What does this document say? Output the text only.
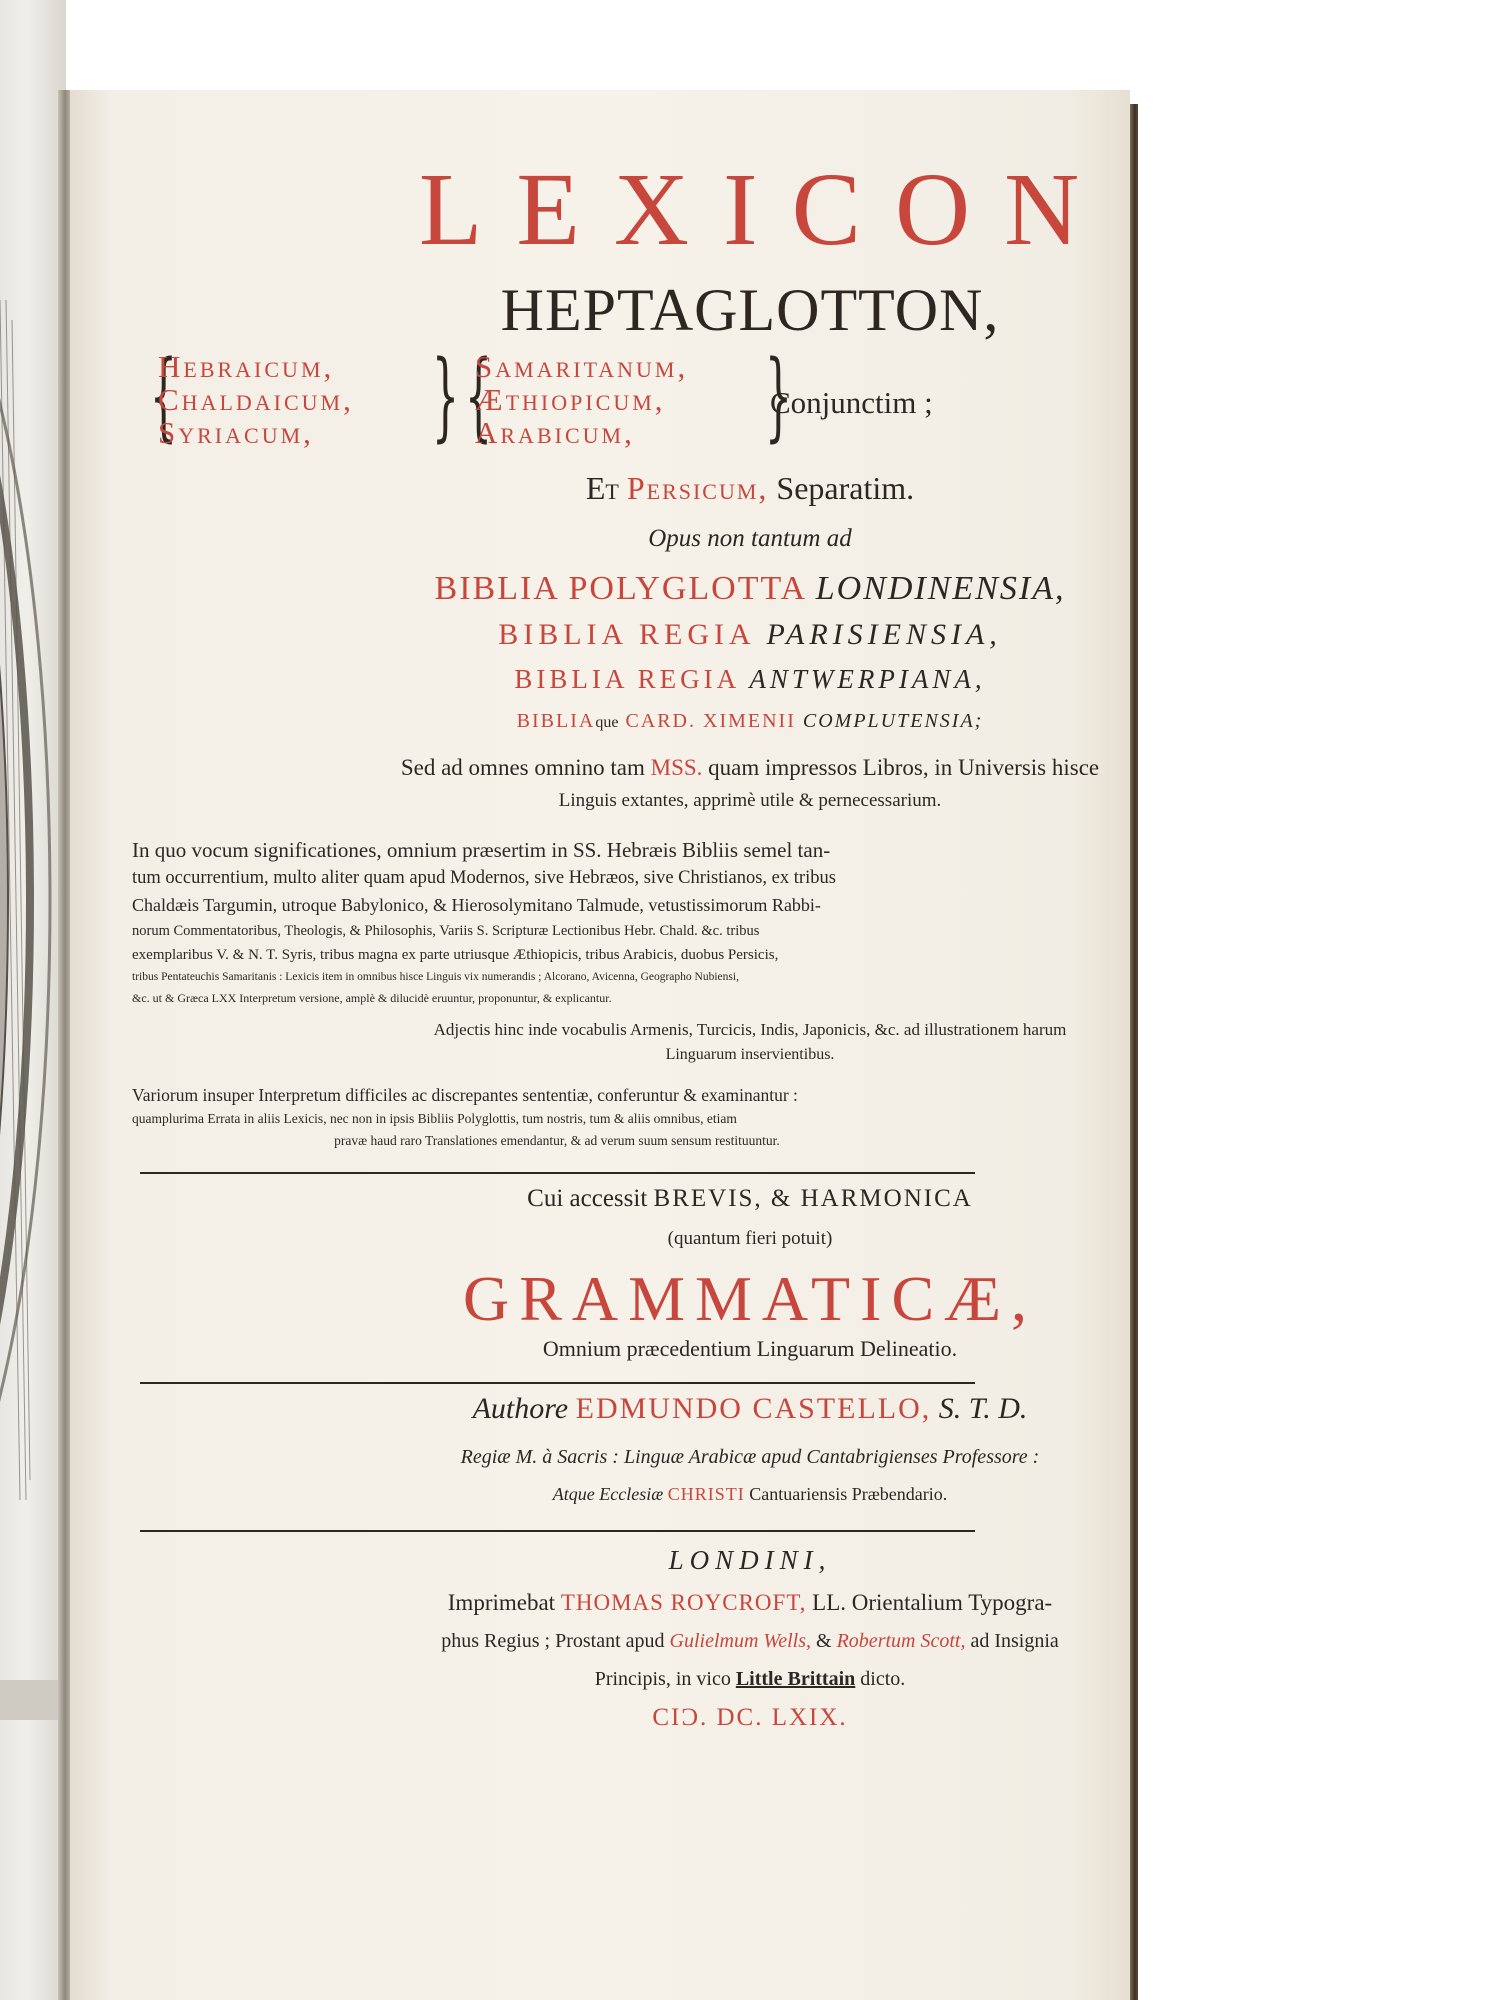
LEXICON
HEPTAGLOTTON,
{
Hebraicum,
Chaldaicum,
Syriacum,	} {
Samaritanum,
Æthiopicum,
Arabicum,	}
Conjunctim ;
Et Persicum, Separatim.
Opus non tantum ad
BIBLIA POLYGLOTTA LONDINENSIA,
BIBLIA REGIA PARISIENSIA,
BIBLIA REGIA ANTWERPIANA,
BIBLIAque CARD. XIMENII COMPLUTENSIA;
Sed ad omnes omnino tam MSS. quam impressos Libros, in Universis hisce
Linguis extantes, apprimè utile & pernecessarium.
In quo vocum significationes, omnium præsertim in SS. Hebræis Bibliis semel tan-
tum occurrentium, multo aliter quam apud Modernos, sive Hebræos, sive Christianos, ex tribus
Chaldæis Targumin, utroque Babylonico, & Hierosolymitano Talmude, vetustissimorum Rabbi-
norum Commentatoribus, Theologis, & Philosophis, Variis S. Scripturæ Lectionibus Hebr. Chald. &c. tribus
exemplaribus V. & N. T. Syris, tribus magna ex parte utriusque Æthiopicis, tribus Arabicis, duobus Persicis,
tribus Pentateuchis Samaritanis : Lexicis item in omnibus hisce Linguis vix numerandis ; Alcorano, Avicenna, Geographo Nubiensi,
&c. ut & Græca LXX Interpretum versione, amplè & dilucidè eruuntur, proponuntur, & explicantur.
Adjectis hinc inde vocabulis Armenis, Turcicis, Indis, Japonicis, &c. ad illustrationem harum
Linguarum inservientibus.
Variorum insuper Interpretum difficiles ac discrepantes sententiæ, conferuntur & examinantur :
quamplurima Errata in aliis Lexicis, nec non in ipsis Bibliis Polyglottis, tum nostris, tum & aliis omnibus, etiam
pravæ haud raro Translationes emendantur, & ad verum suum sensum restituuntur.
Cui accessit BREVIS, & HARMONICA
(quantum fieri potuit)
GRAMMATICÆ,
Omnium præcedentium Linguarum Delineatio.
Authore EDMUNDO CASTELLO, S. T. D.
Regiæ M. à Sacris : Linguæ Arabicæ apud Cantabrigienses Professore :
Atque Ecclesiæ CHRISTI Cantuariensis Præbendario.
LONDINI,
Imprimebat THOMAS ROYCROFT, LL. Orientalium Typogra-
phus Regius ; Prostant apud Gulielmum Wells, & Robertum Scott, ad Insignia
Principis, in vico Little Brittain dicto.
CIƆ. DC. LXIX.
